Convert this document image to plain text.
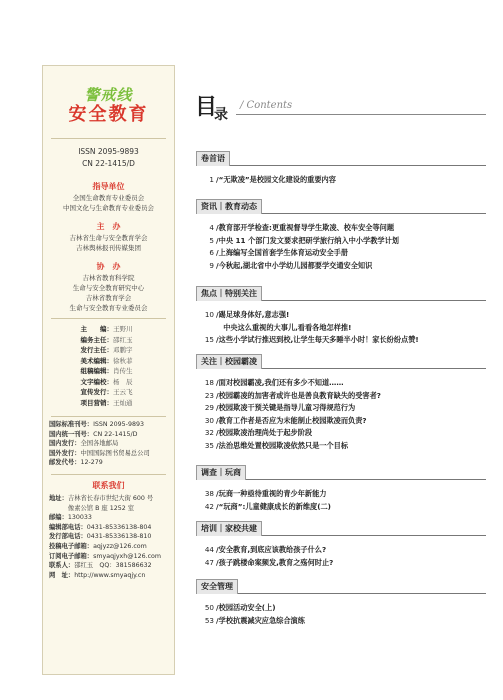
警戒线
安全教育
ISSN 2095-9893
CN 22-1415/D
指导单位
全国生命教育专业委员会
中国文化与生命教育专业委员会
主　办
吉林省生命与安全教育学会
吉林舆林报刊传媒集团
协　办
吉林省教育科学院
生命与安全教育研究中心
吉林省教育学会
生命与安全教育专业委员会
主　　编：王野川
编务主任：邵红玉
发行主任：邓鹏宇
美术编辑：徐秋菲
组稿编辑：肖传生
文字编校：杨　辰
宣传发行：王云飞
项目营销：王灿通
国际标准刊号：ISSN 2095-9893
国内统一刊号：CN 22-1415/D
国内发行：全国各地邮局
国外发行：中国国际图书贸易总公司
邮发代号：12-279
联系我们
地址：吉林省长春市世纪大街 600 号
　　　像素公馆 B 座 1252 室
邮编：130033
编辑部电话：0431-85336138-804
发行部电话：0431-85336138-810
投稿电子邮箱：aqjyzz@126.com
订阅电子邮箱：smyaqjyxh@126.com
联系人：邵红玉　QQ：381586632
网　址：http://www.smyaqjy.cn
目
录
/ Contents
卷首语
1 /“无欺凌”是校园文化建设的重要内容
资讯｜教育动态
4 /教育部开学检查:更重视督导学生欺凌、校车安全等问题
5 /中央 11 个部门发文要求把研学旅行纳入中小学教学计划
6 /上海编写全国首套学生体育运动安全手册
9 /今秋起,湖北省中小学幼儿园都要学交通安全知识
焦点｜特别关注
10 /踢足球身体好,意志强!
　中央这么重视的大事儿,看看各地怎样推!
15 /这些小学试行推迟到校,让学生每天多睡半小时！家长纷纷点赞!
关注｜校园霸凌
18 /面对校园霸凌,我们还有多少不知道……
23 /校园霸凌的加害者或许也是善良教育缺失的受害者?
29 /校园欺凌干预关键是指导儿童习得规范行为
30 /教育工作者是否应为未能制止校园欺凌而负责?
32 /校园欺凌治理尚处于起步阶段
35 /法治思维处置校园欺凌依然只是一个目标
调查｜玩商
38 /玩商一种亟待重视的青少年新能力
42 /“玩商”:儿童健康成长的新维度(二)
培训｜家校共建
44 /安全教育,到底应该教给孩子什么?
47 /孩子跳楼命案频发,教育之殇何时止?
安全管理
50 /校园活动安全(上)
53 /学校抗震减灾应急综合演练
